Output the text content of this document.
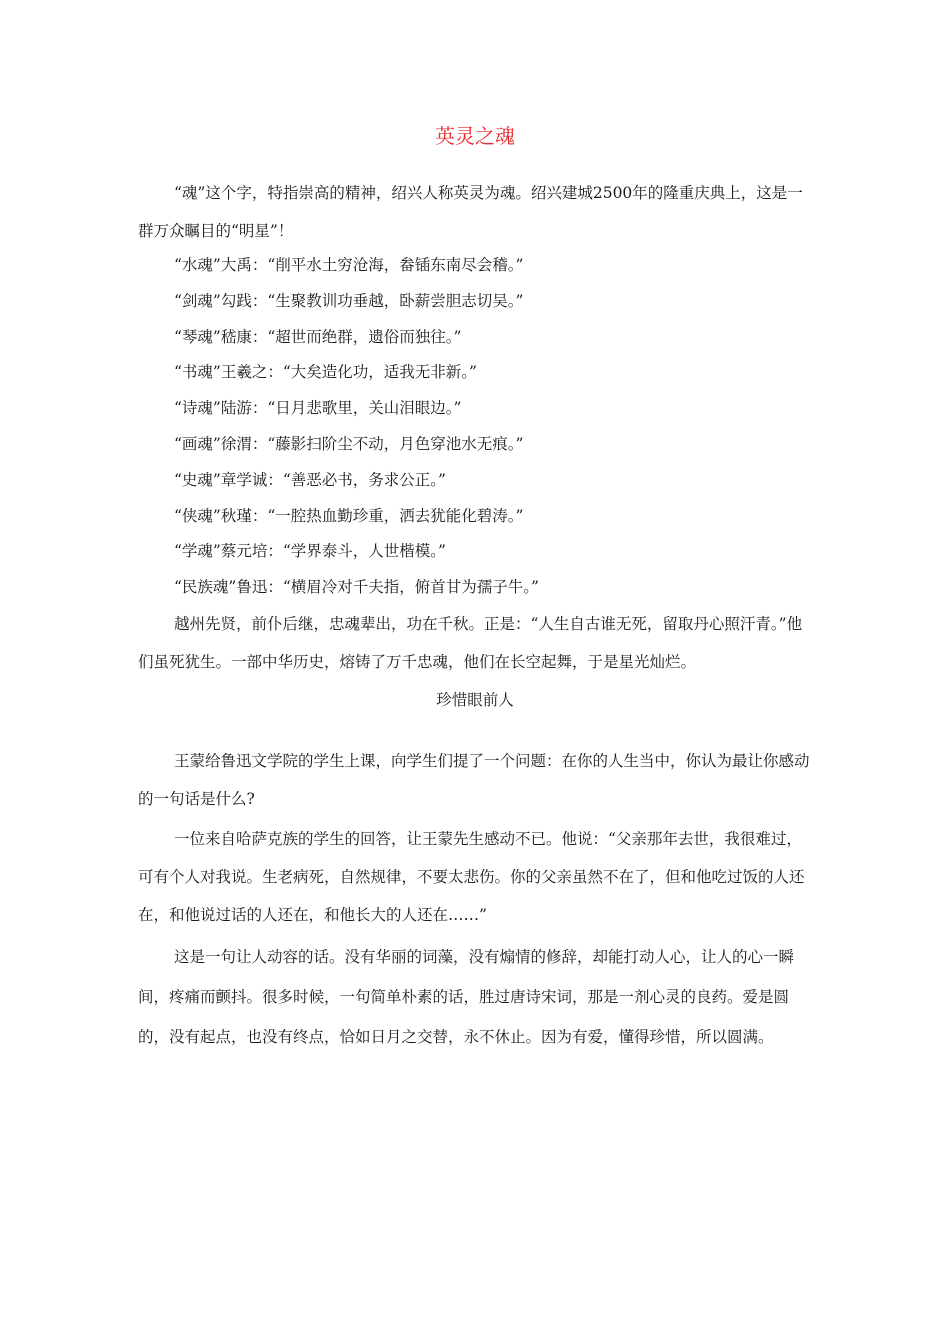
英灵之魂

“魂”这个字，特指崇高的精神，绍兴人称英灵为魂。绍兴建城2500年的隆重庆典上，这是一群万众瞩目的“明星”！

“水魂”大禹：“削平水土穷沧海，畚锸东南尽会稽。”
“剑魂”勾践：“生聚教训功垂越，卧薪尝胆志切吴。”
“琴魂”嵇康：“超世而绝群，遗俗而独往。”
“书魂”王羲之：“大矣造化功，适我无非新。”
“诗魂”陆游：“日月悲歌里，关山泪眼边。”
“画魂”徐渭：“藤影扫阶尘不动，月色穿池水无痕。”
“史魂”章学诚：“善恶必书，务求公正。”
“侠魂”秋瑾：“一腔热血勤珍重，洒去犹能化碧涛。”
“学魂”蔡元培：“学界泰斗，人世楷模。”
“民族魂”鲁迅：“横眉冷对千夫指，俯首甘为孺子牛。”

越州先贤，前仆后继，忠魂辈出，功在千秋。正是：“人生自古谁无死，留取丹心照汗青。”他们虽死犹生。一部中华历史，熔铸了万千忠魂，他们在长空起舞，于是星光灿烂。

珍惜眼前人

王蒙给鲁迅文学院的学生上课，向学生们提了一个问题：在你的人生当中，你认为最让你感动的一句话是什么?

一位来自哈萨克族的学生的回答，让王蒙先生感动不已。他说：“父亲那年去世，我很难过，可有个人对我说。生老病死，自然规律，不要太悲伤。你的父亲虽然不在了，但和他吃过饭的人还在，和他说过话的人还在，和他长大的人还在……”

这是一句让人动容的话。没有华丽的词藻，没有煽情的修辞，却能打动人心，让人的心一瞬间，疼痛而颤抖。很多时候，一句简单朴素的话，胜过唐诗宋词，那是一剂心灵的良药。爱是圆的，没有起点，也没有终点，恰如日月之交替，永不休止。因为有爱，懂得珍惜，所以圆满。
